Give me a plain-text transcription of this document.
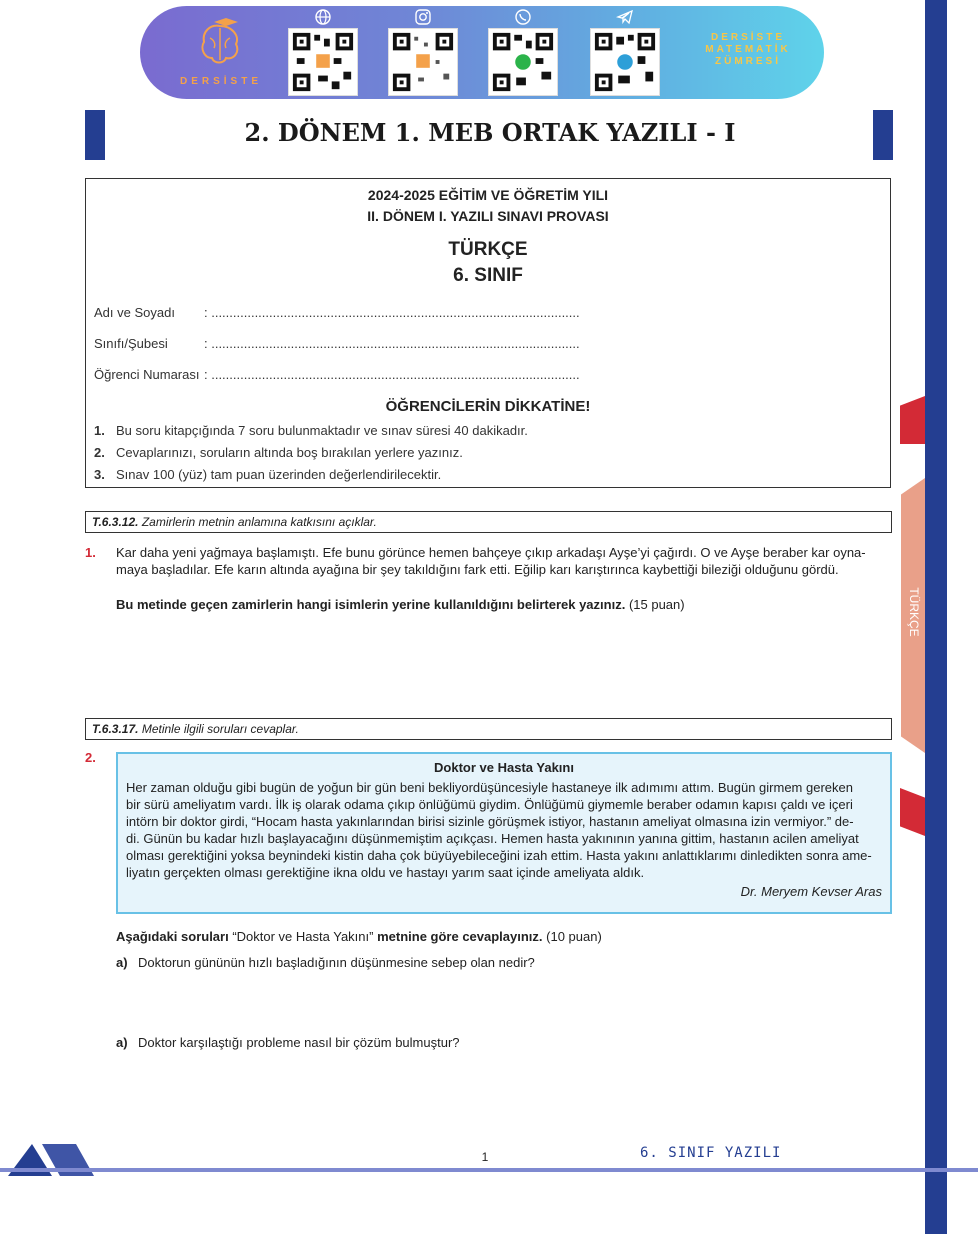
TÜRKÇE
DERSİSTE
DERSİSTE
MATEMATİK
ZÜMRESİ
2. DÖNEM 1. MEB ORTAK YAZILI - I
2024-2025 EĞİTİM VE ÖĞRETİM YILI
II. DÖNEM I. YAZILI SINAVI PROVASI
TÜRKÇE
6. SINIF
Adı ve Soyadı : ......................................................................................................
Sınıfı/Şubesi	: ......................................................................................................
Öğrenci Numarası : ......................................................................................................
ÖĞRENCİLERİN DİKKATİNE!
1. Bu soru kitapçığında 7 soru bulunmaktadır ve sınav süresi 40 dakikadır.
2. Cevaplarınızı, soruların altında boş bırakılan yerlere yazınız.
3. Sınav 100 (yüz) tam puan üzerinden değerlendirilecektir.
T.6.3.12. Zamirlerin metnin anlamına katkısını açıklar.
1. Kar daha yeni yağmaya başlamıştı. Efe bunu görünce hemen bahçeye çıkıp arkadaşı Ayşe’yi çağırdı. O ve Ayşe beraber kar oyna-
maya başladılar. Efe karın altında ayağına bir şey takıldığını fark etti. Eğilip karı karıştırınca kaybettiği bileziği olduğunu gördü.
Bu metinde geçen zamirlerin hangi isimlerin yerine kullanıldığını belirterek yazınız. (15 puan)
T.6.3.17. Metinle ilgili soruları cevaplar.
2.
Doktor ve Hasta Yakını
Her zaman olduğu gibi bugün de yoğun bir gün beni bekliyordüşüncesiyle hastaneye ilk adımımı attım. Bugün girmem gereken
bir sürü ameliyatım vardı. İlk iş olarak odama çıkıp önlüğümü giydim. Önlüğümü giymemle beraber odamın kapısı çaldı ve içeri
intörn bir doktor girdi, “Hocam hasta yakınlarından birisi sizinle görüşmek istiyor, hastanın ameliyat olmasına izin vermiyor.” de-
di. Günün bu kadar hızlı başlayacağını düşünmemiştim açıkçası. Hemen hasta yakınının yanına gittim, hastanın acilen ameliyat
olması gerektiğini yoksa beynindeki kistin daha çok büyüyebileceğini izah ettim. Hasta yakını anlattıklarımı dinledikten sonra ame-
liyatın gerçekten olması gerektiğine ikna oldu ve hastayı yarım saat içinde ameliyata aldık.
Dr. Meryem Kevser Aras
Aşağıdaki soruları “Doktor ve Hasta Yakını” metnine göre cevaplayınız. (10 puan)
a) Doktorun gününün hızlı başladığının düşünmesine sebep olan nedir?
a) Doktor karşılaştığı probleme nasıl bir çözüm bulmuştur?
1	6. SINIF YAZILI
